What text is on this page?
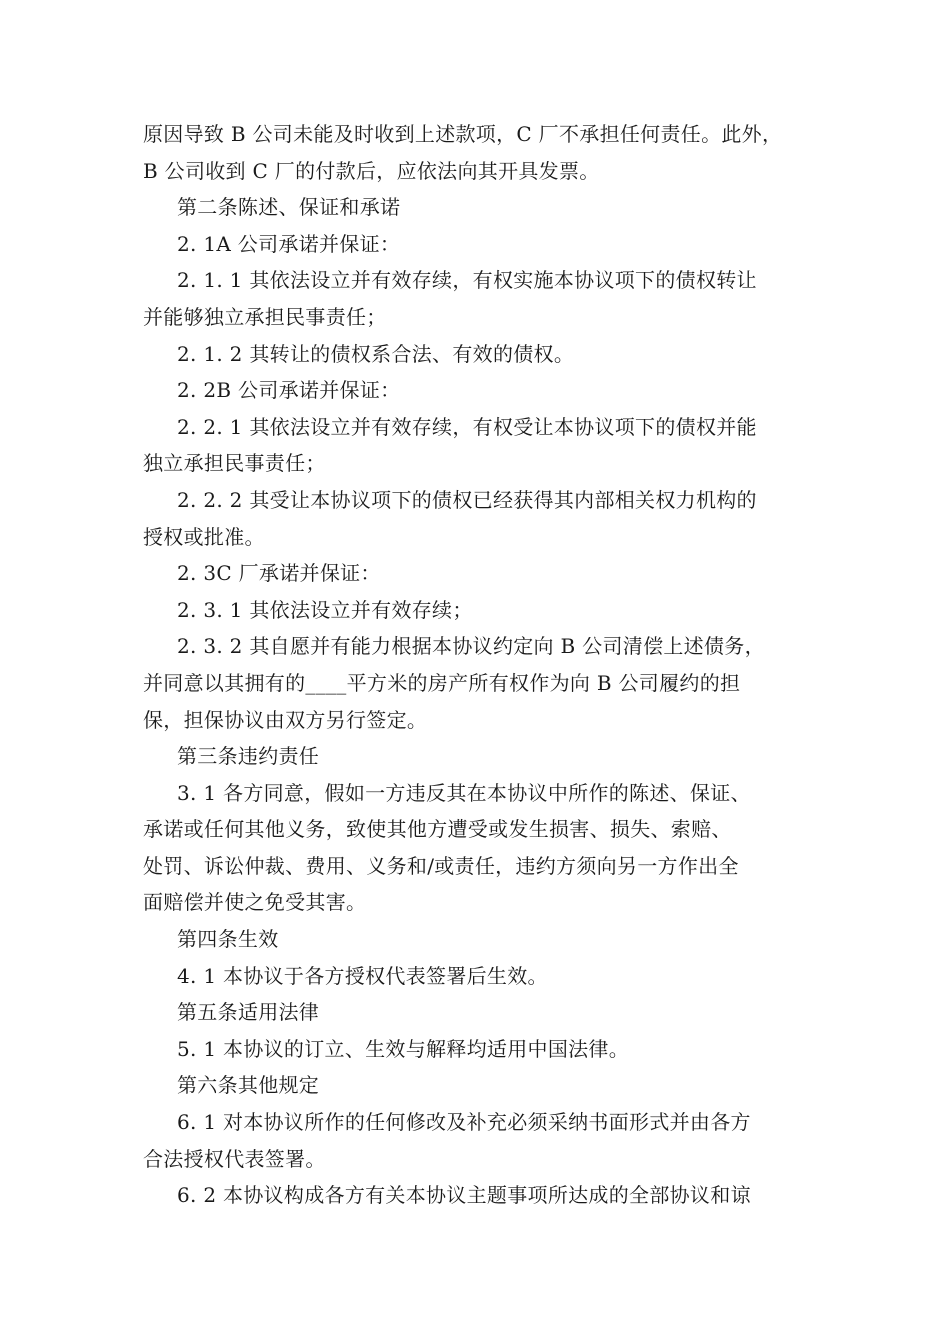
原因导致 B 公司未能及时收到上述款项，C 厂不承担任何责任。此外，
B 公司收到 C 厂的付款后，应依法向其开具发票。
第二条陈述、保证和承诺
2. 1A 公司承诺并保证：
2. 1. 1 其依法设立并有效存续，有权实施本协议项下的债权转让
并能够独立承担民事责任；
2. 1. 2 其转让的债权系合法、有效的债权。
2. 2B 公司承诺并保证：
2. 2. 1 其依法设立并有效存续，有权受让本协议项下的债权并能
独立承担民事责任；
2. 2. 2 其受让本协议项下的债权已经获得其内部相关权力机构的
授权或批准。
2. 3C 厂承诺并保证：
2. 3. 1 其依法设立并有效存续；
2. 3. 2 其自愿并有能力根据本协议约定向 B 公司清偿上述债务，
并同意以其拥有的____平方米的房产所有权作为向 B 公司履约的担
保，担保协议由双方另行签定。
第三条违约责任
3. 1 各方同意，假如一方违反其在本协议中所作的陈述、保证、
承诺或任何其他义务，致使其他方遭受或发生损害、损失、索赔、
处罚、诉讼仲裁、费用、义务和/或责任，违约方须向另一方作出全
面赔偿并使之免受其害。
第四条生效
4. 1 本协议于各方授权代表签署后生效。
第五条适用法律
5. 1 本协议的订立、生效与解释均适用中国法律。
第六条其他规定
6. 1 对本协议所作的任何修改及补充必须采纳书面形式并由各方
合法授权代表签署。
6. 2 本协议构成各方有关本协议主题事项所达成的全部协议和谅
